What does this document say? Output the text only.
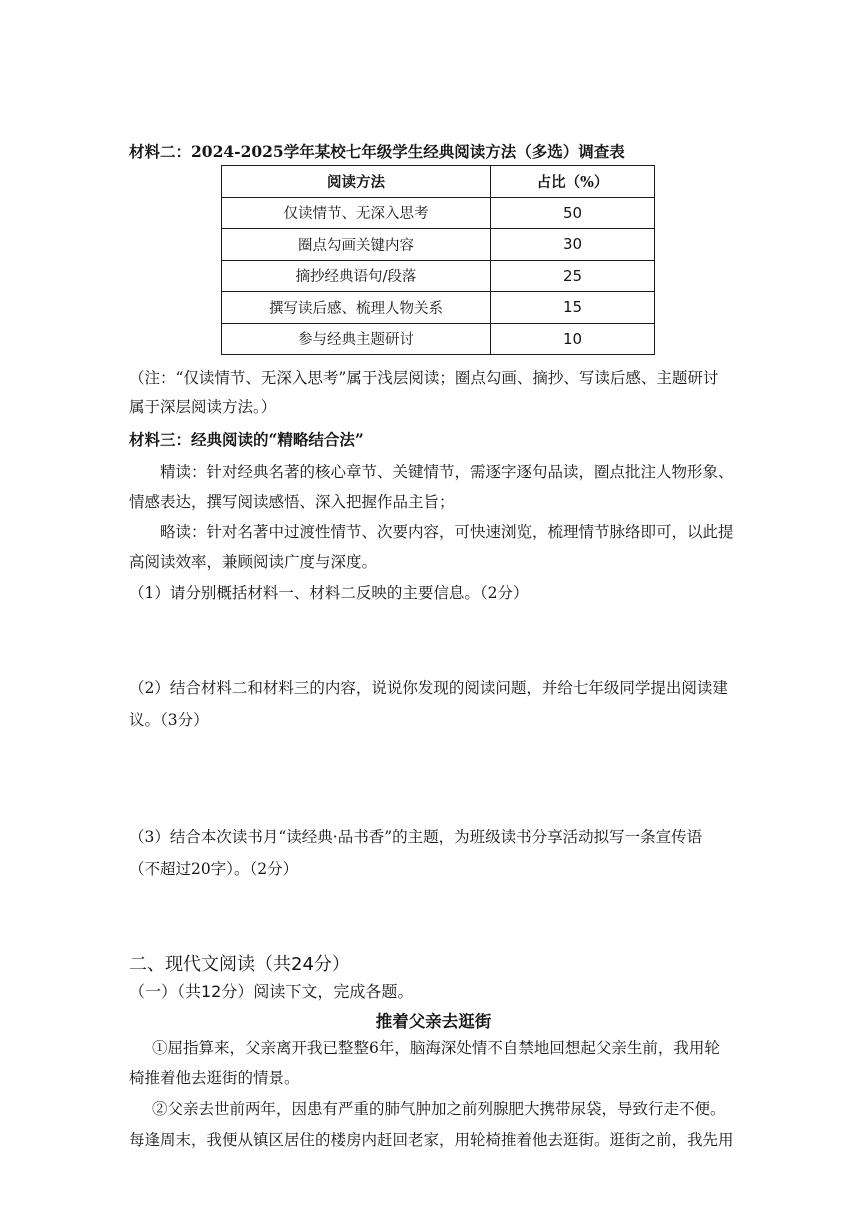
材料二：2024-2025学年某校七年级学生经典阅读方法（多选）调查表
阅读方法	占比（%）
仅读情节、无深入思考	50
圈点勾画关键内容	30
摘抄经典语句/段落	25
撰写读后感、梳理人物关系	15
参与经典主题研讨	10
（注：“仅读情节、无深入思考”属于浅层阅读；圈点勾画、摘抄、写读后感、主题研讨
属于深层阅读方法。）
材料三：经典阅读的“精略结合法”
精读：针对经典名著的核心章节、关键情节，需逐字逐句品读，圈点批注人物形象、
情感表达，撰写阅读感悟、深入把握作品主旨；
略读：针对名著中过渡性情节、次要内容，可快速浏览，梳理情节脉络即可，以此提
高阅读效率，兼顾阅读广度与深度。
（1）请分别概括材料一、材料二反映的主要信息。（2分）
（2）结合材料二和材料三的内容，说说你发现的阅读问题，并给七年级同学提出阅读建
议。（3分）
（3）结合本次读书月“读经典·品书香”的主题，为班级读书分享活动拟写一条宣传语
（不超过20字）。（2分）
二、现代文阅读（共24分）
（一）（共12分）阅读下文，完成各题。
推着父亲去逛街
①屈指算来，父亲离开我已整整6年，脑海深处情不自禁地回想起父亲生前，我用轮
椅推着他去逛街的情景。
②父亲去世前两年，因患有严重的肺气肿加之前列腺肥大携带尿袋，导致行走不便。
每逢周末，我便从镇区居住的楼房内赶回老家，用轮椅推着他去逛街。逛街之前，我先用
